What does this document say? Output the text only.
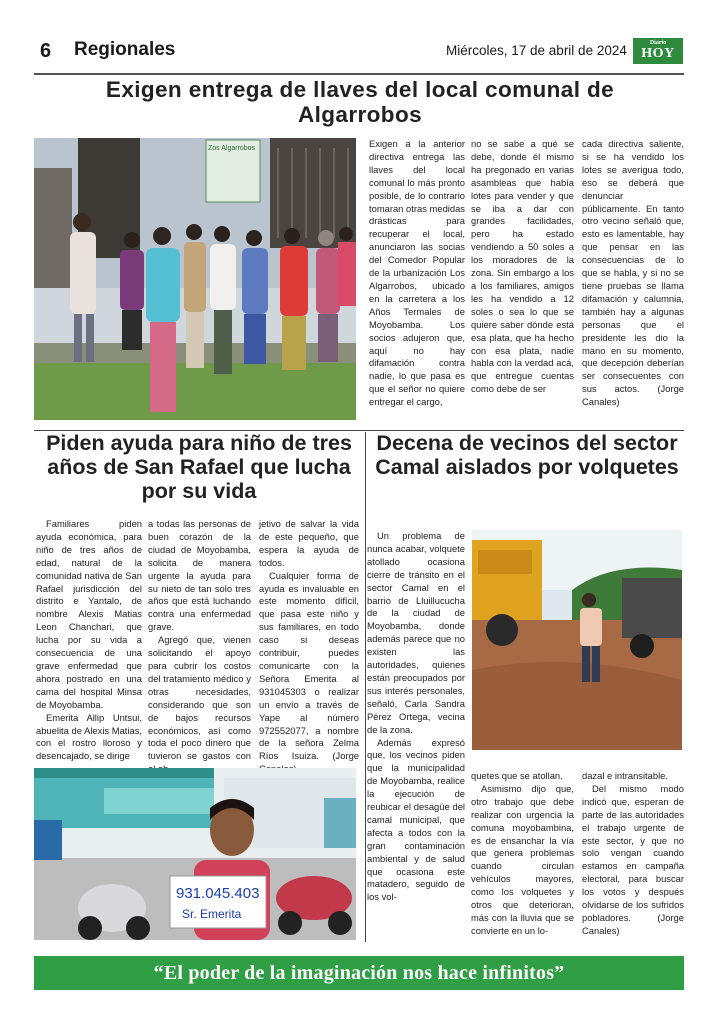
6 Regionales	Miércoles, 17 de abril de 2024	Diario
HOY
Exigen entrega de llaves del local comunal de Algarrobos
Zos Algarrobos	Exigen a la anterior directiva entrega las llaves del local comunal lo más pronto posible, de lo contrario tomaran otras medidas drásticas para recuperar el local, anunciaron las socias del Comedor Popular de la urbanización Los Algarrobos, ubicado en la carretera a los Años Termales de Moyobamba. Los socios adujeron que, aquí no hay difamación contra nadie, lo que pasa es que el señor no quiere entregar el cargo,

no se sabe a qué se debe, donde él mismo ha pregonado en varias asambleas que había lotes para vender y que se iba a dar con grandes facilidades, pero ha estado vendiendo a 50 soles a los moradores de la zona. Sin embargo a los a los familiares, amigos les ha vendido a 12 soles o sea lo que se quiere saber dónde está esa plata, que ha hecho con esa plata, nadie habla con la verdad acá, que entregue cuentas como debe de ser

cada directiva saliente, si se ha vendido los lotes se averigua todo, eso se deberá que denunciar públicamente. En tanto otro vecino señaló que, esto es lamentable, hay que pensar en las consecuencias de lo que se habla, y si no se tiene pruebas se llama difamación y calumnia, también hay a algunas personas que el presidente les dio la mano en su momento, que decepción deberían ser consecuentes con sus actos. (Jorge Canales)

Piden ayuda para niño de tres años de San Rafael que lucha por su vida

Familiares piden ayuda económica, para niño de tres años de edad, natural de la comunidad nativa de San Rafael jurisdicción del distrito e Yantalo, de nombre Alexis Matias Leon Chanchari, que lucha por su vida a consecuencia de una grave enfermedad que ahora postrado en una cama del hospital Minsa de Moyobamba.

Emerita Allip Untsui, abuelita de Alexis Matias, con el rostro lloroso y desencajado, se dirige

a todas las personas de buen corazón de la ciudad de Moyobamba, solicita de manera urgente la ayuda para su nieto de tan solo tres años que está luchando contra una enfermedad grave.

Agregó que, vienen solicitando el apoyo para cubrir los costos del tratamiento médico y otras necesidades, considerando que son de bajos recursos económicos, así como toda el poco dinero que tuvieron se gastos con

jetivo de salvar la vida de este pequeño, que espera la ayuda de todos.

Cualquier forma de ayuda es invaluable en este momento difícil, que pasa este niño y sus familiares, en todo caso si deseas contribuir, puedes comunicarte con la Señora Emerita al 931045303 o realizar un envío a través de Yape al número 972552077, a nombre de la señora Zelma Ríos Isuiza. (Jorge

931.045.403
Sr. Emerita
Decena de vecinos del sector Camal aislados por volquetes

Un problema de nunca acabar, volquete atollado ocasiona cierre de tránsito en el sector Camal en el barrio de Lluillucucha de la ciudad de Moyobamba, donde además parece que no existen las autoridades, quienes están preocupados por sus interés personales, señaló, Carla Sandra Pérez Ortega, vecina de la zona.

Además expresó que, los vecinos piden que la municipalidad de Moyobamba, realice la ejecución de reubicar el desagüe del camal municipal, que afecta a todos con la gran contaminación ambiental y de salud que ocasiona este matadero, seguido de los vol-

quetes que se atollan.

Asimismo dijo que, otro trabajo que debe realizar con urgencia la comuna moyobambina, es de ensanchar la vía que genera problemas cuando circulan vehículos mayores, como los volquetes y otros que deterioran, más con la lluvia que se convierte en un lo-

dazal e intransitable.

Del mismo modo indicó que, esperan de parte de las autoridades el trabajo urgente de este sector, y que no solo vengan cuando estamos en campaña electoral, para buscar los votos y después olvidarse de los sufridos pobladores. (Jorge Canales)

“El poder de la imaginación nos hace infinitos”
